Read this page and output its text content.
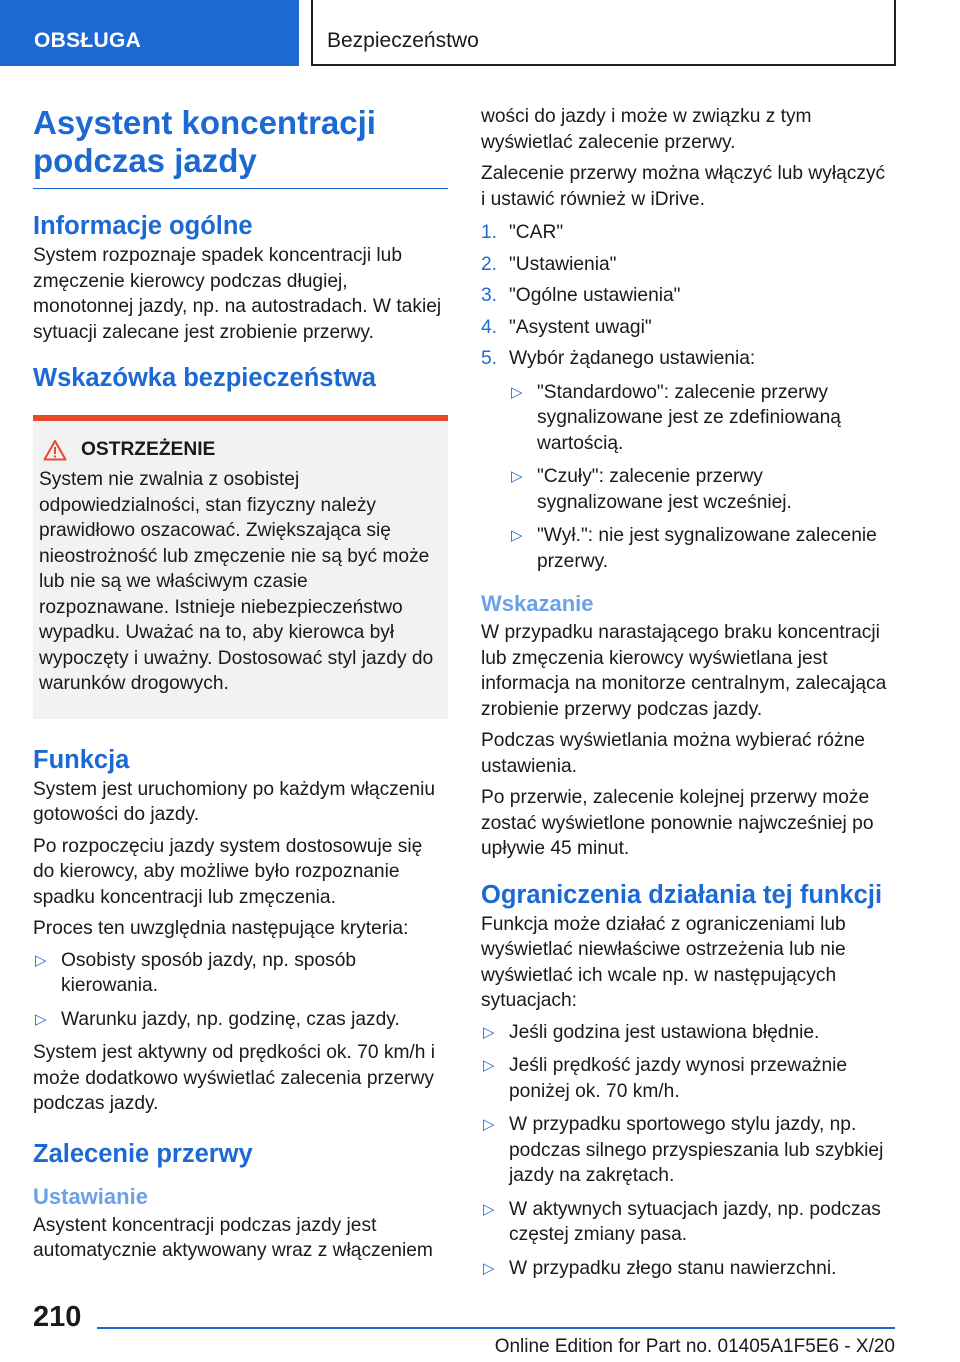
OBSŁUGA	Bezpieczeństwo
Asystent koncentracji podczas jazdy
Informacje ogólne

System rozpoznaje spadek koncentracji lub zmęczenie kierowcy podczas długiej, monotonnej jazdy, np. na autostradach. W takiej sytuacji zalecane jest zrobienie przerwy.

Wskazówka bezpieczeństwa
OSTRZEŻENIE

System nie zwalnia z osobistej odpowiedzialności, stan fizyczny należy prawidłowo oszacować. Zwiększająca się nieostrożność lub zmęczenie nie są być może lub nie są we właściwym czasie rozpoznawane. Istnieje niebezpieczeństwo wypadku. Uważać na to, aby kierowca był wypoczęty i uważny. Dostosować styl jazdy do warunków drogowych.

Funkcja

System jest uruchomiony po każdym włączeniu gotowości do jazdy.

Po rozpoczęciu jazdy system dostosowuje się do kierowcy, aby możliwe było rozpoznanie spadku koncentracji lub zmęczenia.

Proces ten uwzględnia następujące kryteria:

▷ Osobisty sposób jazdy, np. sposób kierowania.
▷ Warunku jazdy, np. godzinę, czas jazdy.

System jest aktywny od prędkości ok. 70 km/h i może dodatkowo wyświetlać zalecenia przerwy podczas jazdy.

Zalecenie przerwy
Ustawianie

Asystent koncentracji podczas jazdy jest automatycznie aktywowany wraz z włączeniem

wości do jazdy i może w związku z tym wyświetlać zalecenie przerwy.

Zalecenie przerwy można włączyć lub wyłączyć i ustawić również w iDrive.

1. "CAR"
2. "Ustawienia"
3. "Ogólne ustawienia"
4. "Asystent uwagi"
5. Wybór żądanego ustawienia:
▷ "Standardowo": zalecenie przerwy sygnalizowane jest ze zdefiniowaną wartością.
▷ "Czuły": zalecenie przerwy sygnalizowane jest wcześniej.
▷ "Wył.": nie jest sygnalizowane zalecenie przerwy.
Wskazanie

W przypadku narastającego braku koncentracji lub zmęczenia kierowcy wyświetlana jest informacja na monitorze centralnym, zalecająca zrobienie przerwy podczas jazdy.

Podczas wyświetlania można wybierać różne ustawienia.

Po przerwie, zalecenie kolejnej przerwy może zostać wyświetlone ponownie najwcześniej po upływie 45 minut.

Ograniczenia działania tej funkcji

Funkcja może działać z ograniczeniami lub wyświetlać niewłaściwe ostrzeżenia lub nie wyświetlać ich wcale np. w następujących sytuacjach:

▷ Jeśli godzina jest ustawiona błędnie.
▷ Jeśli prędkość jazdy wynosi przeważnie poniżej ok. 70 km/h.
▷ W przypadku sportowego stylu jazdy, np. podczas silnego przyspieszania lub szybkiej jazdy na zakrętach.
▷ W aktywnych sytuacjach jazdy, np. podczas częstej zmiany pasa.
▷ W przypadku złego stanu nawierzchni.
210
Online Edition for Part no. 01405A1F5E6 - X/20
